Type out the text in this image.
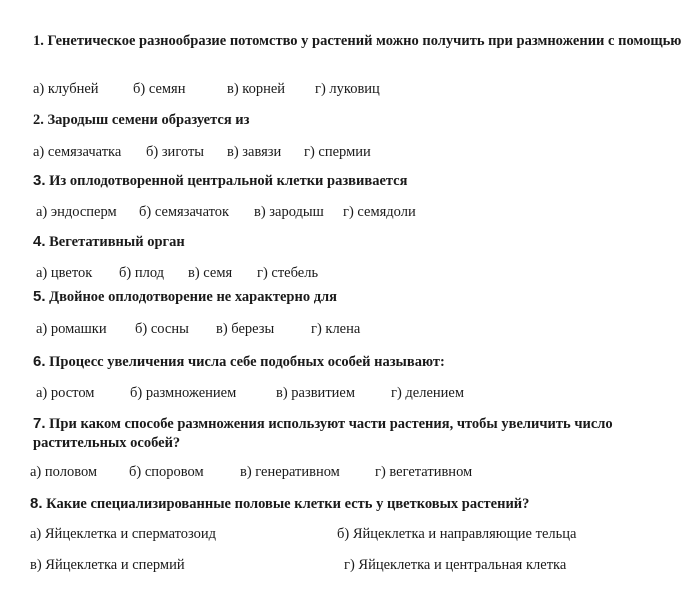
1. Генетическое разнообразие потомство у растений можно получить при размножении с помощью
а) клубней б) семян	в) корней г) луковиц
2. Зародыш семени образуется из
а) семязачатка б) зиготы в) завязи г) спермии
3. Из оплодотворенной центральной клетки развивается
а) эндосперм б) семязачаток в) зародыш г) семядоли
4. Вегетативный орган
а) цветок б) плод в) семя г) стебель
5. Двойное оплодотворение не характерно для
а) ромашки б) сосны в) березы	г) клена
6. Процесс увеличения числа себе подобных особей называют:
а) ростом б) размножением	в) развитием г) делением
7. При каком способе размножения используют части растения, чтобы увеличить число растительных особей?
а) половом б) споровом	в) генеративном г) вегетативном
8. Какие специализированные половые клетки есть у цветковых растений?
а) Яйцеклетка и сперматозоид	б) Яйцеклетка и направляющие тельца
в) Яйцеклетка и спермий	г) Яйцеклетка и центральная клетка
